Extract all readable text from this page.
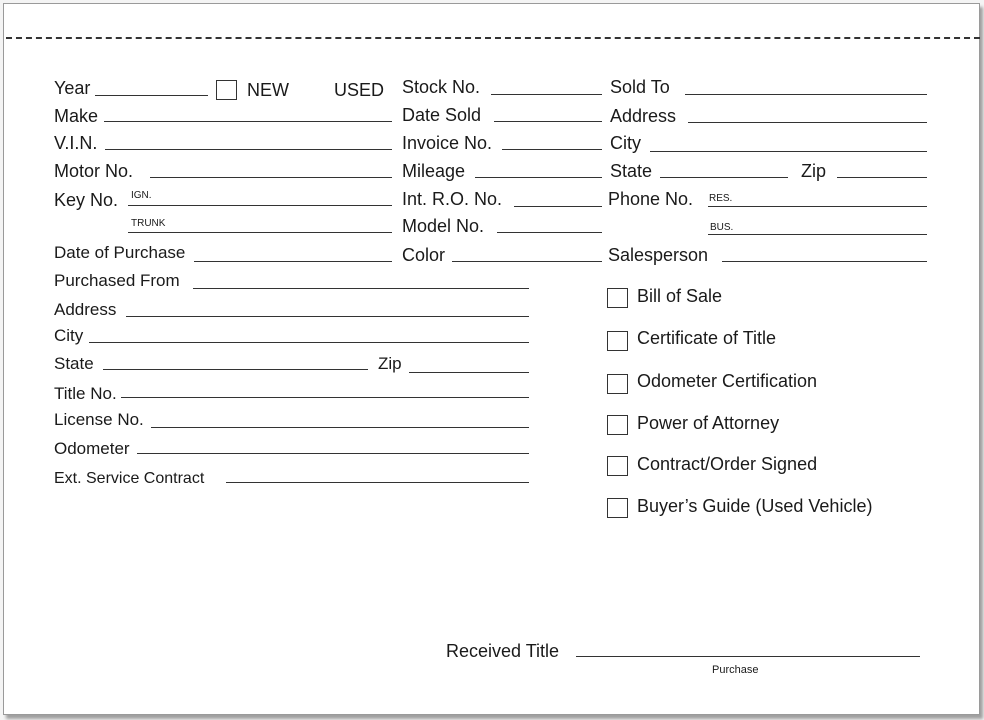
Year	NEW	USED
Make
V.I.N.
Motor No.
Key No. IGN.
TRUNK
Date of Purchase
Purchased From
Address
City
State	Zip
Title No.
License No.
Odometer
Ext. Service Contract
Stock No.
Date Sold
Invoice No.
Mileage
Int. R.O. No.
Model No.
Color
Sold To
Address
City
State	Zip
Phone No. RES.
BUS.
Salesperson
Bill of Sale
Certificate of Title
Odometer Certification
Power of Attorney
Contract/Order Signed
Buyer’s Guide (Used Vehicle)
Received Title
Purchase
